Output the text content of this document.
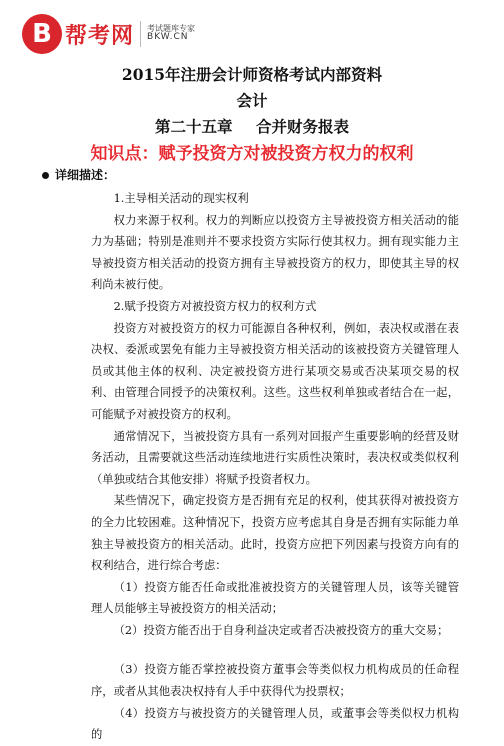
B 帮考网 考试题库专家
BKW.CN
2015年注册会计师资格考试内部资料
会计
第二十五章 合并财务报表
知识点：赋予投资方对被投资方权力的权利
详细描述：

1.主导相关活动的现实权利

权力来源于权利。权力的判断应以投资方主导被投资方相关活动的能力为基础；特别是准则并不要求投资方实际行使其权力。拥有现实能力主导被投资方相关活动的投资方拥有主导被投资方的权力，即使其主导的权利尚未被行使。

2.赋予投资方对被投资方权力的权利方式

投资方对被投资方的权力可能源自各种权利，例如，表决权或潜在表决权、委派或罢免有能力主导被投资方相关活动的该被投资方关键管理人员或其他主体的权利、决定被投资方进行某项交易或否决某项交易的权利、由管理合同授予的决策权利。这些。这些权利单独或者结合在一起，可能赋予对被投资方的权利。

通常情况下，当被投资方具有一系列对回报产生重要影响的经营及财务活动，且需要就这些活动连续地进行实质性决策时，表决权或类似权利（单独或结合其他安排）将赋予投资者权力。

某些情况下，确定投资方是否拥有充足的权利，使其获得对被投资方的全力比较困难。这种情况下，投资方应考虑其自身是否拥有实际能力单独主导被投资方的相关活动。此时，投资方应把下列因素与投资方向有的权利结合，进行综合考虑：

（1）投资方能否任命或批准被投资方的关键管理人员，该等关键管理人员能够主导被投资方的相关活动；

（2）投资方能否出于自身利益决定或者否决被投资方的重大交易；

（3）投资方能否掌控被投资方董事会等类似权力机构成员的任命程序，或者从其他表决权持有人手中获得代为投票权；

（4）投资方与被投资方的关键管理人员，或董事会等类似权力机构的
